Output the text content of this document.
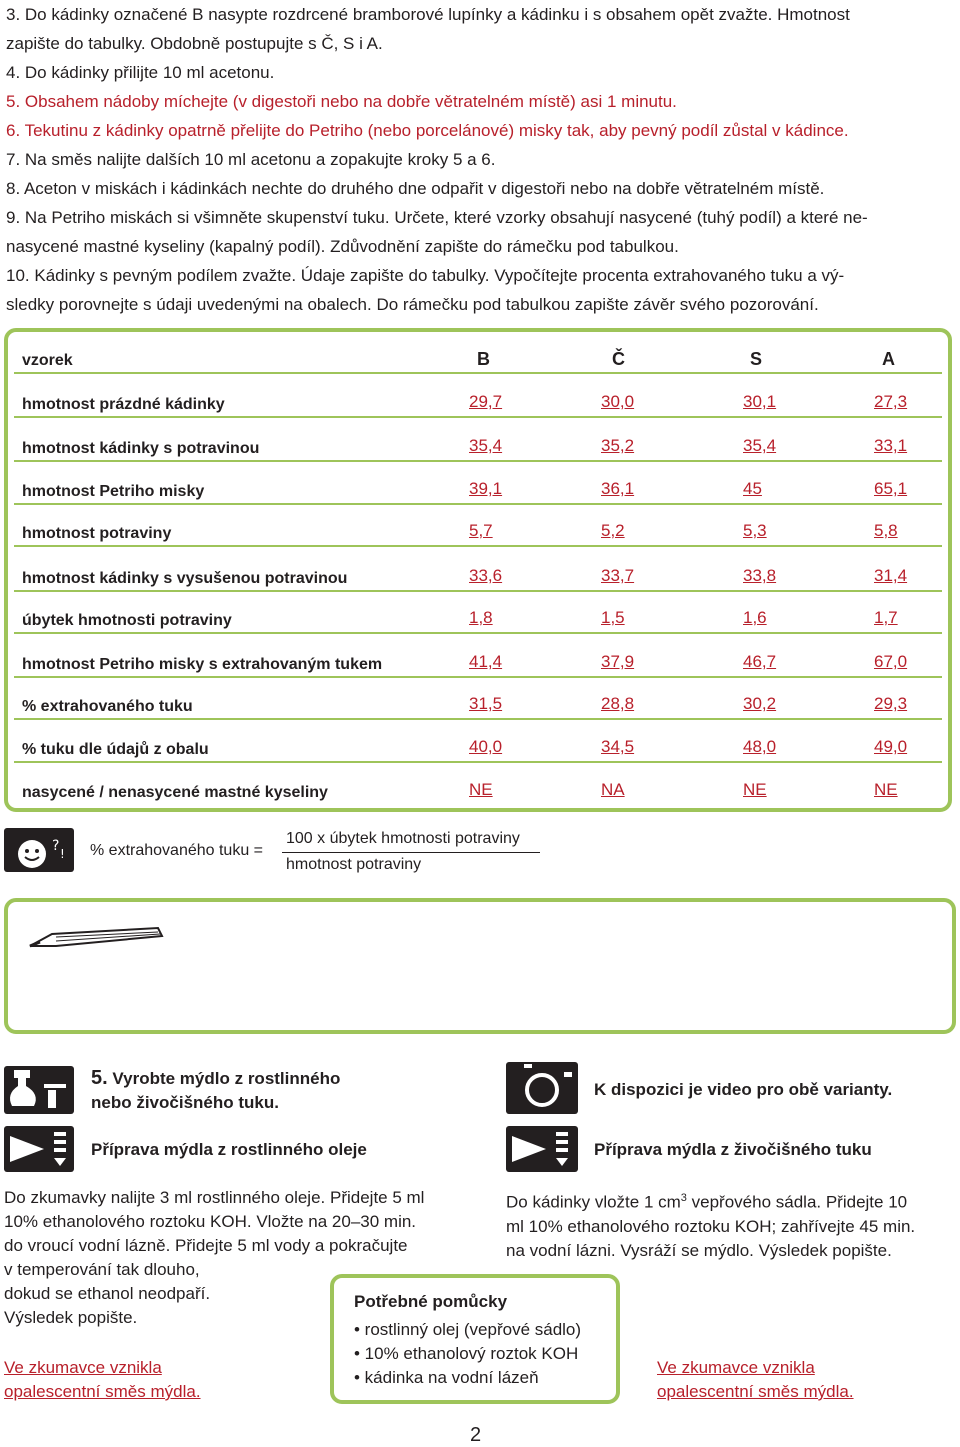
3. Do kádinky označené B nasypte rozdrcené bramborové lupínky a kádinku i s obsahem opět zvažte. Hmotnost

zapište do tabulky. Obdobně postupujte s Č, S i A.

4. Do kádinky přilijte 10 ml acetonu.

5. Obsahem nádoby míchejte (v digestoři nebo na dobře větratelném místě) asi 1 minutu.

6. Tekutinu z kádinky opatrně přelijte do Petriho (nebo porcelánové) misky tak, aby pevný podíl zůstal v kádince.

7. Na směs nalijte dalších 10 ml acetonu a zopakujte kroky 5 a 6.

8. Aceton v miskách i kádinkách nechte do druhého dne odpařit v digestoři nebo na dobře větratelném místě.

9. Na Petriho miskách si všimněte skupenství tuku. Určete, které vzorky obsahují nasycené (tuhý podíl) a které ne-

nasycené mastné kyseliny (kapalný podíl). Zdůvodnění zapište do rámečku pod tabulkou.

10. Kádinky s pevným podílem zvažte. Údaje zapište do tabulky. Vypočítejte procenta extrahovaného tuku a vý-

sledky porovnejte s údaji uvedenými na obalech. Do rámečku pod tabulkou zapište závěr svého pozorování.

vzorek	B	Č	S	A
hmotnost prázdné kádinky	29,7	30,0	30,1	27,3
hmotnost kádinky s potravinou	35,4	35,2	35,4	33,1
hmotnost Petriho misky	39,1	36,1	45	65,1
hmotnost potraviny	5,7	5,2	5,3	5,8
hmotnost kádinky s vysušenou potravinou	33,6	33,7	33,8	31,4
úbytek hmotnosti potraviny	1,8	1,5	1,6	1,7
hmotnost Petriho misky s extrahovaným tukem	41,4	37,9	46,7	67,0
% extrahovaného tuku	31,5	28,8	30,2	29,3
% tuku dle údajů z obalu	40,0	34,5	48,0	49,0
nasycené / nenasycené mastné kyseliny	NE	NA	NE	NE
? ! % extrahovaného tuku =
100 x úbytek hmotnosti potraviny
hmotnost potraviny
5. Vyrobte mýdlo z rostlinného
nebo živočišného tuku.
K dispozici je video pro obě varianty.
Příprava mýdla z rostlinného oleje	Příprava mýdla z živočišného tuku
Do zkumavky nalijte 3 ml rostlinného oleje. Přidejte 5 ml
10% ethanolového roztoku KOH. Vložte na 20–30 min.
do vroucí vodní lázně. Přidejte 5 ml vody a pokračujte
v temperování tak dlouho,
dokud se ethanol neodpaří.
Výsledek popište.
Do kádinky vložte 1 $cm^3$ vepřového sádla. Přidejte 10
ml 10% ethanolového roztoku KOH; zahřívejte 45 min.
na vodní lázni. Vysráží se mýdlo. Výsledek popište.
Potřebné pomůcky
• rostlinný olej (vepřové sádlo)
• 10% ethanolový roztok KOH
• kádinka na vodní lázeň
Ve zkumavce vznikla
opalescentní směs mýdla.
Ve zkumavce vznikla
opalescentní směs mýdla.
2
